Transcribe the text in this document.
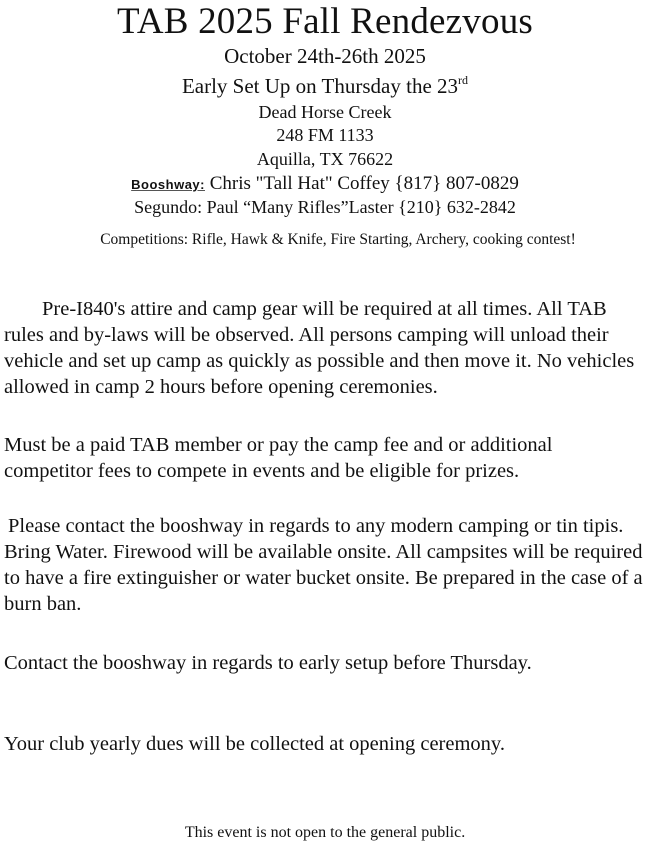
TAB 2025 Fall Rendezvous
October 24th-26th 2025
Early Set Up on Thursday the 23rd
Dead Horse Creek
248 FM 1133
Aquilla, TX 76622
Booshway: Chris "Tall Hat" Coffey {817} 807-0829
Segundo: Paul “Many Rifles”Laster {210} 632-2842
Competitions: Rifle, Hawk & Knife, Fire Starting, Archery, cooking contest!

Pre-I840's attire and camp gear will be required at all times. All TAB rules and by-laws will be observed. All persons camping will unload their vehicle and set up camp as quickly as possible and then move it. No vehicles allowed in camp 2 hours before opening ceremonies.

Must be a paid TAB member or pay the camp fee and or additional competitor fees to compete in events and be eligible for prizes.

Please contact the booshway in regards to any modern camping or tin tipis. Bring Water. Firewood will be available onsite. All campsites will be required to have a fire extinguisher or water bucket onsite. Be prepared in the case of a burn ban.

Contact the booshway in regards to early setup before Thursday.

Your club yearly dues will be collected at opening ceremony.

This event is not open to the general public.
